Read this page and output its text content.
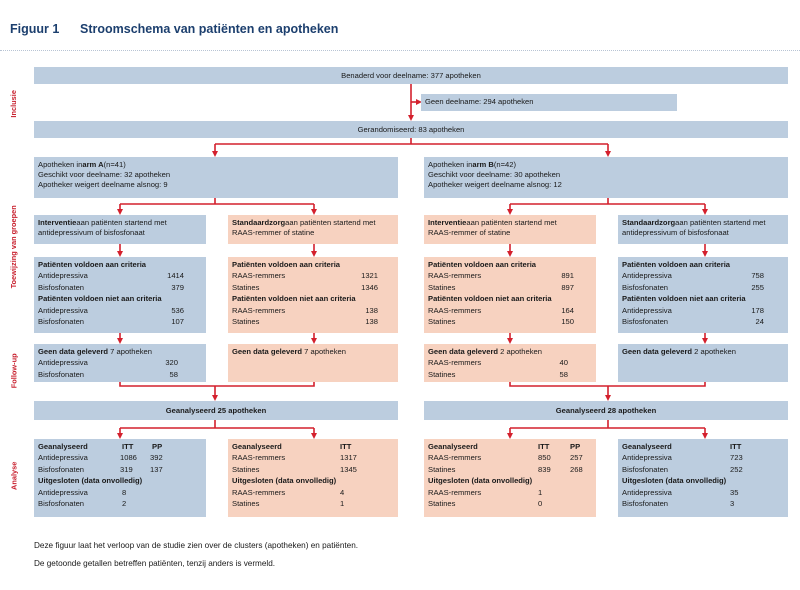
Figuur 1 Stroomschema van patiënten en apotheken
Inclusie
Toewijzing van groepen
Follow-up
Analyse
Benaderd voor deelname: 377 apotheken
Geen deelname: 294 apotheken
Gerandomiseerd: 83 apotheken
Apotheken in arm A (n=41)
Geschikt voor deelname: 32 apotheken
Apotheker weigert deelname alsnog: 9
Apotheken in arm B (n=42)
Geschikt voor deelname: 30 apotheken
Apotheker weigert deelname alsnog: 12
Interventie aan patiënten startend met
antidepressivum of bisfosfonaat
Standaardzorg aan patiënten startend met
RAAS-remmer of statine
Interventie aan patiënten startend met
RAAS-remmer of statine
Standaardzorg aan patiënten startend met
antidepressivum of bisfosfonaat
Patiënten voldoen aan criteria
Antidepressiva	1414
Bisfosfonaten	379
Patiënten voldoen niet aan criteria
Antidepressiva	536
Bisfosfonaten	107
Patiënten voldoen aan criteria
RAAS-remmers	1321
Statines	1346
Patiënten voldoen niet aan criteria
RAAS-remmers	138
Statines	138
Patiënten voldoen aan criteria
RAAS-remmers	891
Statines	897
Patiënten voldoen niet aan criteria
RAAS-remmers	164
Statines	150
Patiënten voldoen aan criteria
Antidepressiva	758
Bisfosfonaten	255
Patiënten voldoen niet aan criteria
Antidepressiva	178
Bisfosfonaten	24
Geen data geleverd 7 apotheken
Antidepressiva	320
Bisfosfonaten	58
Geen data geleverd 7 apotheken	Geen data geleverd 2 apotheken
RAAS-remmers	40
Statines	58
Geen data geleverd 2 apotheken
Geanalyseerd 25 apotheken	Geanalyseerd 28 apotheken
Geanalyseerd	ITT PP
Antidepressiva	1086 392
Bisfosfonaten	319 137
Uitgesloten (data onvolledig)
Antidepressiva	8
Bisfosfonaten	2
Geanalyseerd	ITT
RAAS-remmers	1317
Statines	1345
Uitgesloten (data onvolledig)
RAAS-remmers	4
Statines	1
Geanalyseerd	ITT	PP
RAAS-remmers	850	257
Statines	839	268
Uitgesloten (data onvolledig)
RAAS-remmers	1
Statines	0
Geanalyseerd	ITT
Antidepressiva	723
Bisfosfonaten	252
Uitgesloten (data onvolledig)
Antidepressiva	35
Bisfosfonaten	3
Deze figuur laat het verloop van de studie zien over de clusters (apotheken) en patiënten.
De getoonde getallen betreffen patiënten, tenzij anders is vermeld.
